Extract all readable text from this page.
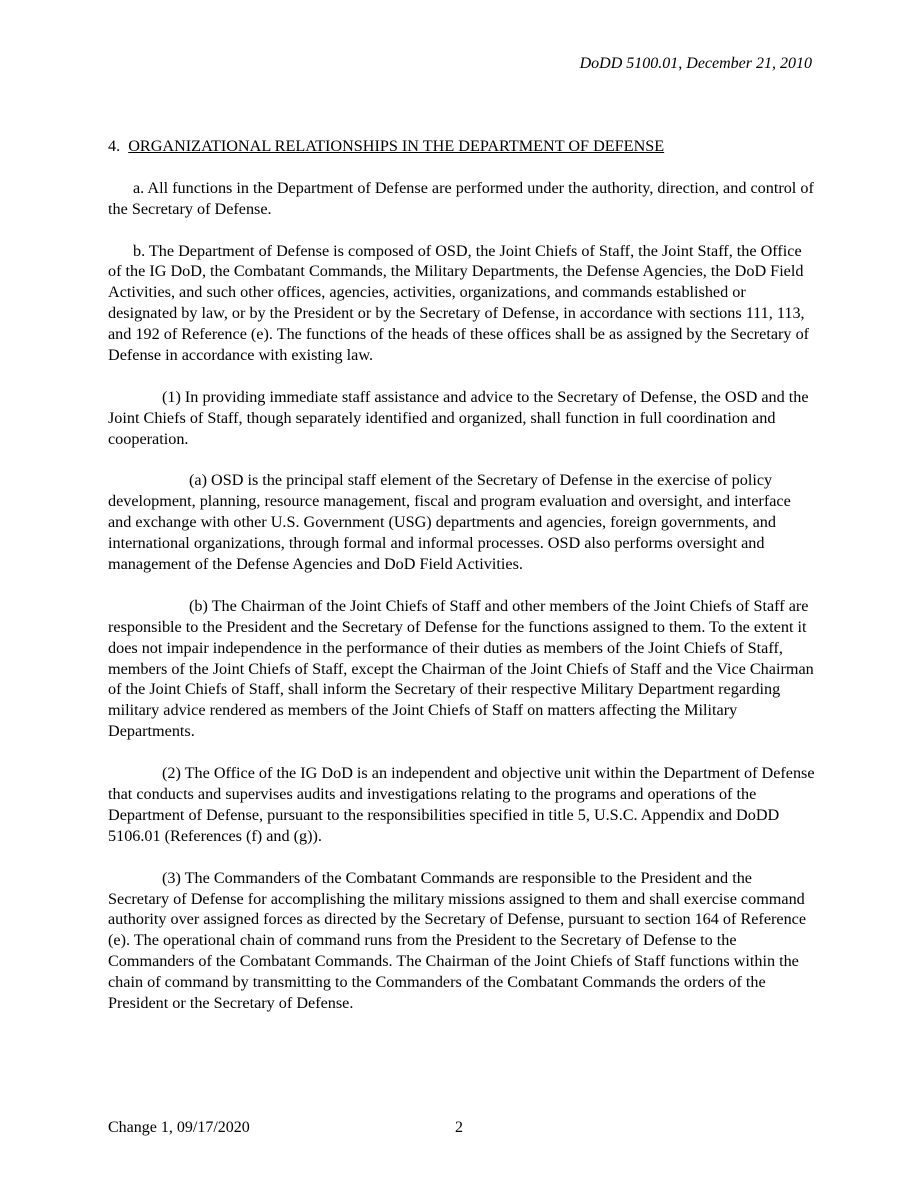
DoDD 5100.01, December 21, 2010

4. ORGANIZATIONAL RELATIONSHIPS IN THE DEPARTMENT OF DEFENSE

a. All functions in the Department of Defense are performed under the authority, direction, and control of the Secretary of Defense.

b. The Department of Defense is composed of OSD, the Joint Chiefs of Staff, the Joint Staff, the Office of the IG DoD, the Combatant Commands, the Military Departments, the Defense Agencies, the DoD Field Activities, and such other offices, agencies, activities, organizations, and commands established or designated by law, or by the President or by the Secretary of Defense, in accordance with sections 111, 113, and 192 of Reference (e). The functions of the heads of these offices shall be as assigned by the Secretary of Defense in accordance with existing law.

(1) In providing immediate staff assistance and advice to the Secretary of Defense, the OSD and the Joint Chiefs of Staff, though separately identified and organized, shall function in full coordination and cooperation.

(a) OSD is the principal staff element of the Secretary of Defense in the exercise of policy development, planning, resource management, fiscal and program evaluation and oversight, and interface and exchange with other U.S. Government (USG) departments and agencies, foreign governments, and international organizations, through formal and informal processes. OSD also performs oversight and management of the Defense Agencies and DoD Field Activities.

(b) The Chairman of the Joint Chiefs of Staff and other members of the Joint Chiefs of Staff are responsible to the President and the Secretary of Defense for the functions assigned to them. To the extent it does not impair independence in the performance of their duties as members of the Joint Chiefs of Staff, members of the Joint Chiefs of Staff, except the Chairman of the Joint Chiefs of Staff and the Vice Chairman of the Joint Chiefs of Staff, shall inform the Secretary of their respective Military Department regarding military advice rendered as members of the Joint Chiefs of Staff on matters affecting the Military Departments.

(2) The Office of the IG DoD is an independent and objective unit within the Department of Defense that conducts and supervises audits and investigations relating to the programs and operations of the Department of Defense, pursuant to the responsibilities specified in title 5, U.S.C. Appendix and DoDD 5106.01 (References (f) and (g)).

(3) The Commanders of the Combatant Commands are responsible to the President and the Secretary of Defense for accomplishing the military missions assigned to them and shall exercise command authority over assigned forces as directed by the Secretary of Defense, pursuant to section 164 of Reference (e). The operational chain of command runs from the President to the Secretary of Defense to the Commanders of the Combatant Commands. The Chairman of the Joint Chiefs of Staff functions within the chain of command by transmitting to the Commanders of the Combatant Commands the orders of the President or the Secretary of Defense.

Change 1, 09/17/2020	2
